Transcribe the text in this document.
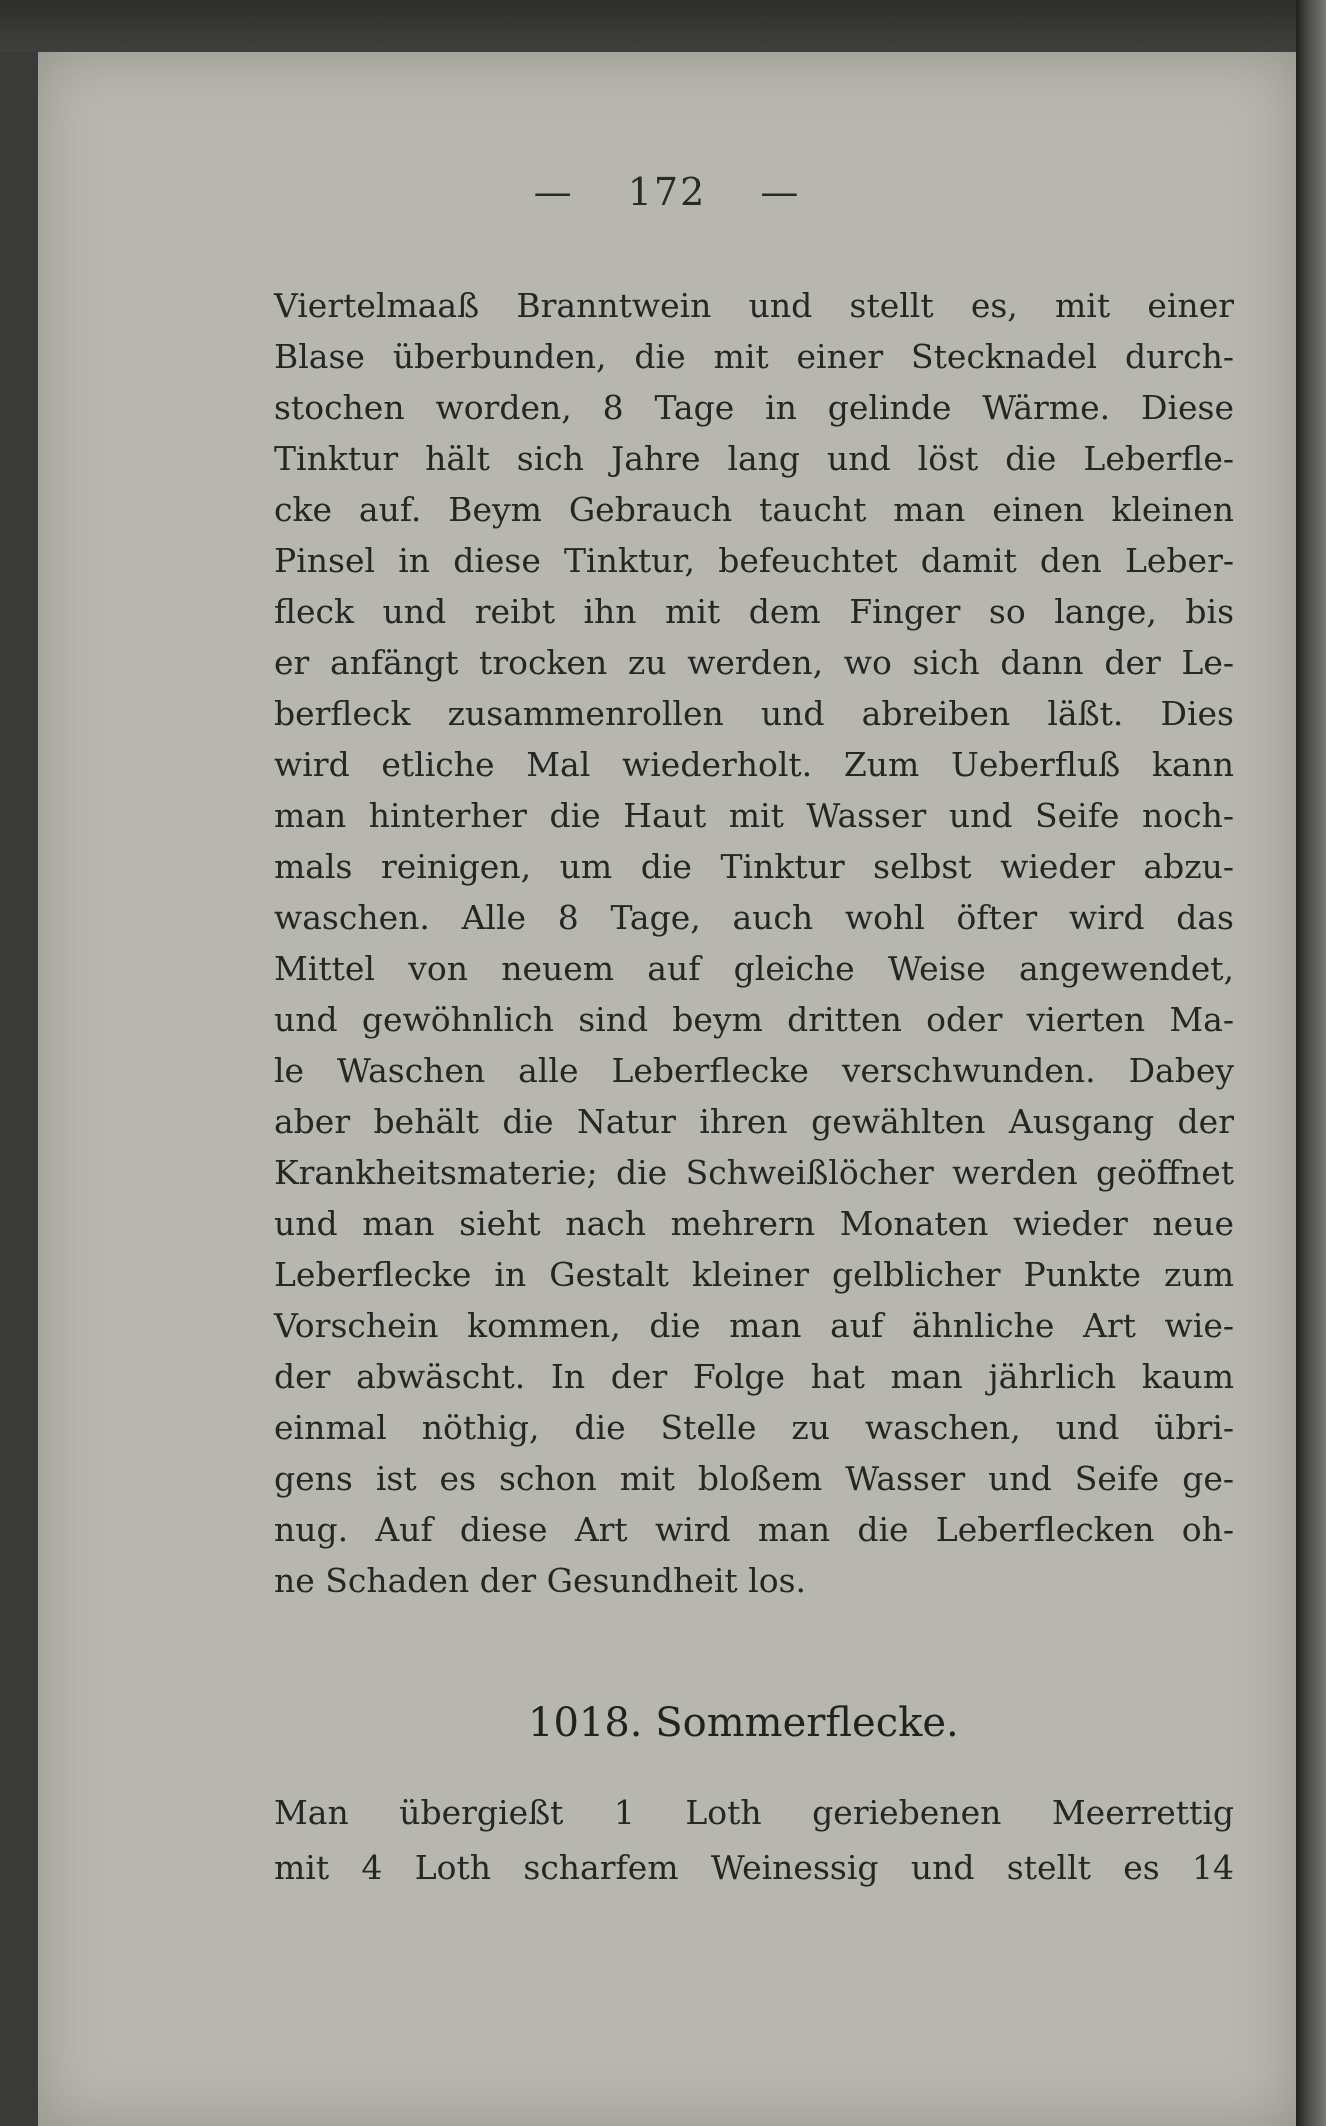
— 172 —
Viertelmaaß Branntwein und stellt es, mit einer
Blase überbunden, die mit einer Stecknadel durch-
stochen worden, 8 Tage in gelinde Wärme. Diese
Tinktur hält sich Jahre lang und löst die Leberfle-
cke auf. Beym Gebrauch taucht man einen kleinen
Pinsel in diese Tinktur, befeuchtet damit den Leber-
fleck und reibt ihn mit dem Finger so lange, bis
er anfängt trocken zu werden, wo sich dann der Le-
berfleck zusammenrollen und abreiben läßt. Dies
wird etliche Mal wiederholt. Zum Ueberfluß kann
man hinterher die Haut mit Wasser und Seife noch-
mals reinigen, um die Tinktur selbst wieder abzu-
waschen. Alle 8 Tage, auch wohl öfter wird das
Mittel von neuem auf gleiche Weise angewendet,
und gewöhnlich sind beym dritten oder vierten Ma-
le Waschen alle Leberflecke verschwunden. Dabey
aber behält die Natur ihren gewählten Ausgang der
Krankheitsmaterie; die Schweißlöcher werden geöffnet
und man sieht nach mehrern Monaten wieder neue
Leberflecke in Gestalt kleiner gelblicher Punkte zum
Vorschein kommen, die man auf ähnliche Art wie-
der abwäscht. In der Folge hat man jährlich kaum
einmal nöthig, die Stelle zu waschen, und übri-
gens ist es schon mit bloßem Wasser und Seife ge-
nug. Auf diese Art wird man die Leberflecken oh-
ne Schaden der Gesundheit los.
1018. Sommerflecke.
Man übergießt 1 Loth geriebenen Meerrettig
mit 4 Loth scharfem Weinessig und stellt es 14
